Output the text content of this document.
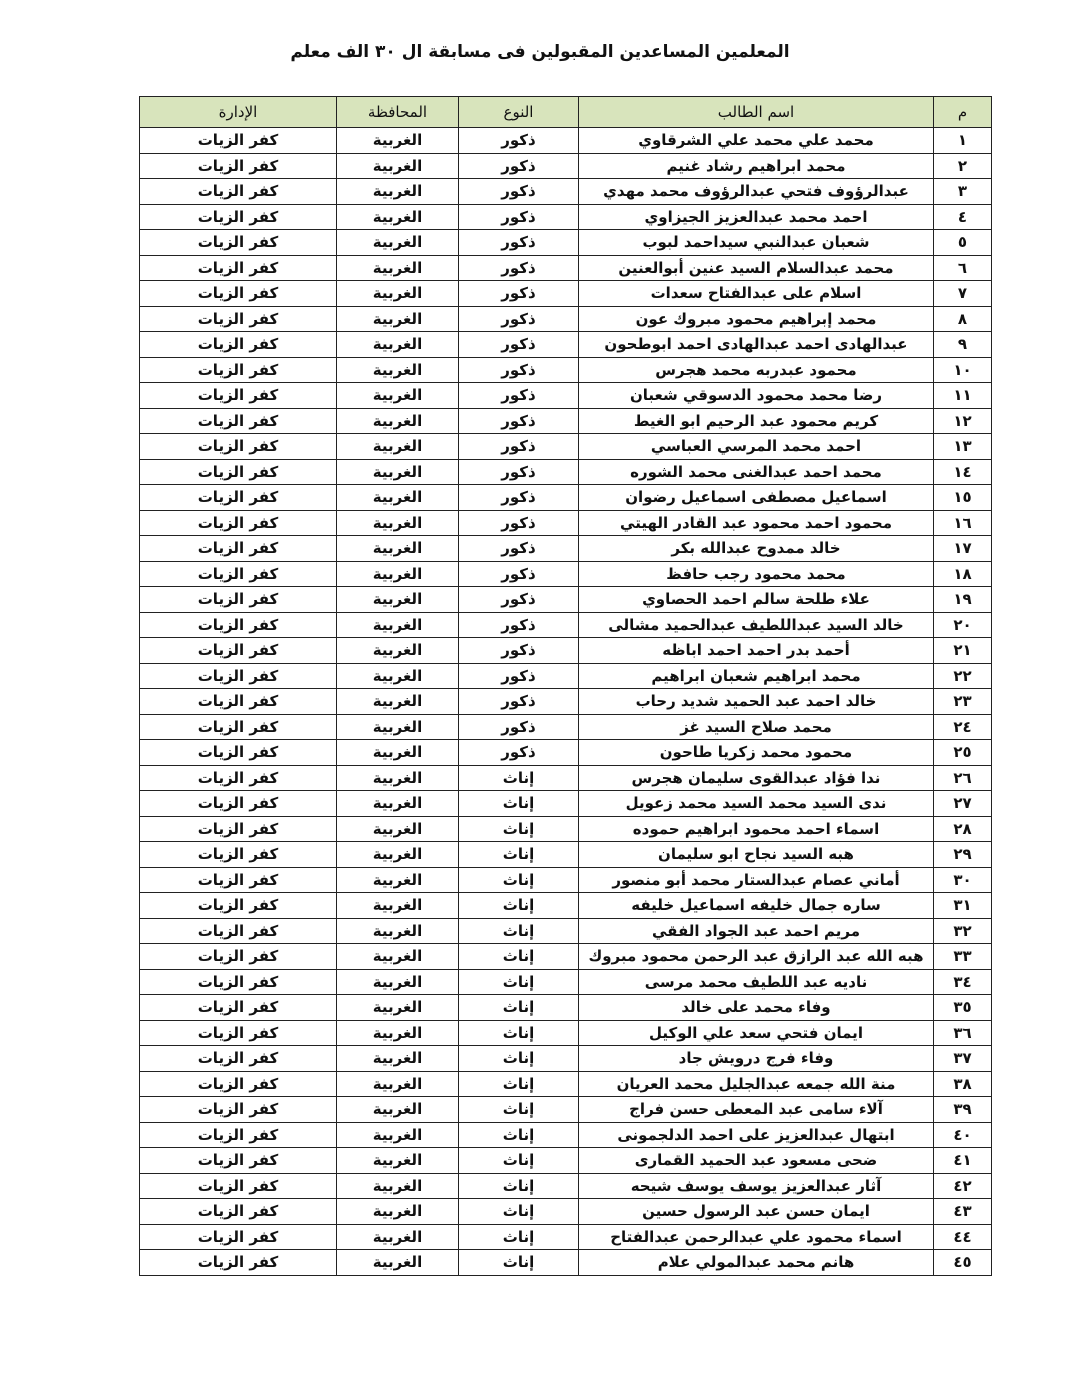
المعلمين المساعدين المقبولين فى مسابقة ال ٣٠ الف معلم
م	اسم الطالب	النوع	المحافظة	الإدارة
١	محمد علي محمد علي الشرقاوي	ذكور	الغربية	كفر الزيات
٢	محمد ابراهيم رشاد غنيم	ذكور	الغربية	كفر الزيات
٣	عبدالرؤوف فتحي عبدالرؤوف محمد مهدي	ذكور	الغربية	كفر الزيات
٤	احمد محمد عبدالعزيز الجيزاوي	ذكور	الغربية	كفر الزيات
٥	شعبان عبدالنبي سيداحمد لبوب	ذكور	الغربية	كفر الزيات
٦	محمد عبدالسلام السيد عنين أبوالعنين	ذكور	الغربية	كفر الزيات
٧	اسلام على عبدالفتاح سعدات	ذكور	الغربية	كفر الزيات
٨	محمد إبراهيم محمود مبروك عون	ذكور	الغربية	كفر الزيات
٩	عبدالهادى احمد عبدالهادى احمد ابوطحون	ذكور	الغربية	كفر الزيات
١٠	محمود عبدربه محمد هجرس	ذكور	الغربية	كفر الزيات
١١	رضا محمد محمود الدسوقي شعبان	ذكور	الغربية	كفر الزيات
١٢	كريم محمود عبد الرحيم ابو الغيط	ذكور	الغربية	كفر الزيات
١٣	احمد محمد المرسي العباسي	ذكور	الغربية	كفر الزيات
١٤	محمد احمد عبدالغنى محمد الشوره	ذكور	الغربية	كفر الزيات
١٥	اسماعيل مصطفى اسماعيل رضوان	ذكور	الغربية	كفر الزيات
١٦	محمود احمد محمود عبد القادر الهيتي	ذكور	الغربية	كفر الزيات
١٧	خالد ممدوح عبدالله بكر	ذكور	الغربية	كفر الزيات
١٨	محمد محمود رجب حافظ	ذكور	الغربية	كفر الزيات
١٩	علاء طلحة سالم احمد الحصاوي	ذكور	الغربية	كفر الزيات
٢٠	خالد السيد عبداللطيف عبدالحميد مشالى	ذكور	الغربية	كفر الزيات
٢١	أحمد بدر احمد احمد اباظه	ذكور	الغربية	كفر الزيات
٢٢	محمد ابراهيم شعبان ابراهيم	ذكور	الغربية	كفر الزيات
٢٣	خالد احمد عبد الحميد شديد رحاب	ذكور	الغربية	كفر الزيات
٢٤	محمد صلاح السيد غز	ذكور	الغربية	كفر الزيات
٢٥	محمود محمد زكريا طاحون	ذكور	الغربية	كفر الزيات
٢٦	ندا فؤاد عبدالقوى سليمان هجرس	إناث	الغربية	كفر الزيات
٢٧	ندى السيد محمد السيد محمد زعويل	إناث	الغربية	كفر الزيات
٢٨	اسماء احمد محمود ابراهيم حموده	إناث	الغربية	كفر الزيات
٢٩	هبه السيد نجاح ابو سليمان	إناث	الغربية	كفر الزيات
٣٠	أماني عصام عبدالستار محمد أبو منصور	إناث	الغربية	كفر الزيات
٣١	ساره جمال خليفه اسماعيل خليفه	إناث	الغربية	كفر الزيات
٣٢	مريم احمد عبد الجواد الفقي	إناث	الغربية	كفر الزيات
٣٣	هبه الله عبد الرازق عبد الرحمن محمود مبروك	إناث	الغربية	كفر الزيات
٣٤	ناديه عبد اللطيف محمد مرسى	إناث	الغربية	كفر الزيات
٣٥	وفاء محمد على خالد	إناث	الغربية	كفر الزيات
٣٦	ايمان فتحي سعد علي الوكيل	إناث	الغربية	كفر الزيات
٣٧	وفاء فرج درويش جاد	إناث	الغربية	كفر الزيات
٣٨	منة الله جمعه عبدالجليل محمد العريان	إناث	الغربية	كفر الزيات
٣٩	آلاء سامى عبد المعطى حسن فراج	إناث	الغربية	كفر الزيات
٤٠	ابتهال عبدالعزيز على احمد الدلجمونى	إناث	الغربية	كفر الزيات
٤١	ضحى مسعود عبد الحميد القمارى	إناث	الغربية	كفر الزيات
٤٢	آثار عبدالعزيز يوسف يوسف شيحه	إناث	الغربية	كفر الزيات
٤٣	ايمان حسن عبد الرسول حسين	إناث	الغربية	كفر الزيات
٤٤	اسماء محمود علي عبدالرحمن عبدالفتاح	إناث	الغربية	كفر الزيات
٤٥	هانم محمد عبدالمولي علام	إناث	الغربية	كفر الزيات
